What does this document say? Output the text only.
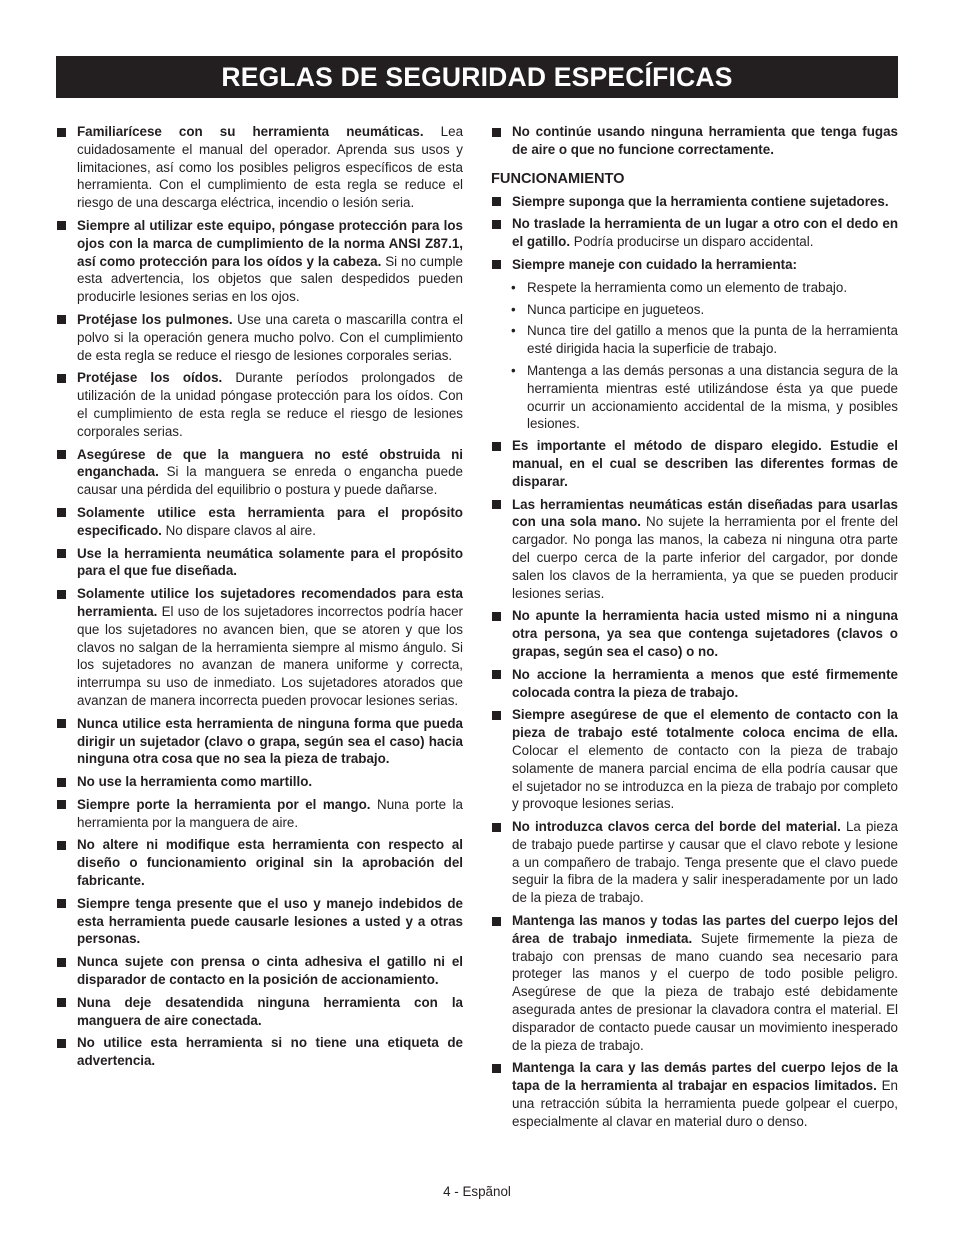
REGLAS DE SEGURIDAD ESPECÍFICAS
Familiarícese con su herramienta neumáticas. Lea cuidadosamente el manual del operador. Aprenda sus usos y limitaciones, así como los posibles peligros específicos de esta herramienta. Con el cumplimiento de esta regla se reduce el riesgo de una descarga eléctrica, incendio o lesión seria.
Siempre al utilizar este equipo, póngase protección para los ojos con la marca de cumplimiento de la norma ANSI Z87.1, así como protección para los oídos y la cabeza. Si no cumple esta advertencia, los objetos que salen despedidos pueden producirle lesiones serias en los ojos.
Protéjase los pulmones. Use una careta o mascarilla contra el polvo si la operación genera mucho polvo. Con el cumplimiento de esta regla se reduce el riesgo de lesiones corporales serias.
Protéjase los oídos. Durante períodos prolongados de utilización de la unidad póngase protección para los oídos. Con el cumplimiento de esta regla se reduce el riesgo de lesiones corporales serias.
Asegúrese de que la manguera no esté obstruida ni enganchada. Si la manguera se enreda o engancha puede causar una pérdida del equilibrio o postura y puede dañarse.
Solamente utilice esta herramienta para el propósito especificado. No dispare clavos al aire.
Use la herramienta neumática solamente para el propósito para el que fue diseñada.
Solamente utilice los sujetadores recomendados para esta herramienta. El uso de los sujetadores incorrectos podría hacer que los sujetadores no avancen bien, que se atoren y que los clavos no salgan de la herramienta siempre al mismo ángulo. Si los sujetadores no avanzan de manera uniforme y correcta, interrumpa su uso de inmediato. Los sujetadores atorados que avanzan de manera incorrecta pueden provocar lesiones serias.
Nunca utilice esta herramienta de ninguna forma que pueda dirigir un sujetador (clavo o grapa, según sea el caso) hacia ninguna otra cosa que no sea la pieza de trabajo.
No use la herramienta como martillo.
Siempre porte la herramienta por el mango. Nuna porte la herramienta por la manguera de aire.
No altere ni modifique esta herramienta con respecto al diseño o funcionamiento original sin la aprobación del fabricante.
Siempre tenga presente que el uso y manejo indebidos de esta herramienta puede causarle lesiones a usted y a otras personas.
Nunca sujete con prensa o cinta adhesiva el gatillo ni el disparador de contacto en la posición de accionamiento.
Nuna deje desatendida ninguna herramienta con la manguera de aire conectada.
No utilice esta herramienta si no tiene una etiqueta de advertencia.
No continúe usando ninguna herramienta que tenga fugas de aire o que no funcione correctamente.
FUNCIONAMIENTO
Siempre suponga que la herramienta contiene sujetadores.
No traslade la herramienta de un lugar a otro con el dedo en el gatillo. Podría producirse un disparo accidental.
Siempre maneje con cuidado la herramienta:
• Respete la herramienta como un elemento de trabajo.
• Nunca participe en jugueteos.
• Nunca tire del gatillo a menos que la punta de la herramienta esté dirigida hacia la superficie de trabajo.
• Mantenga a las demás personas a una distancia segura de la herramienta mientras esté utilizándose ésta ya que puede ocurrir un accionamiento accidental de la misma, y posibles lesiones.
Es importante el método de disparo elegido. Estudie el manual, en el cual se describen las diferentes formas de disparar.
Las herramientas neumáticas están diseñadas para usarlas con una sola mano. No sujete la herramienta por el frente del cargador. No ponga las manos, la cabeza ni ninguna otra parte del cuerpo cerca de la parte inferior del cargador, por donde salen los clavos de la herramienta, ya que se pueden producir lesiones serias.
No apunte la herramienta hacia usted mismo ni a ninguna otra persona, ya sea que contenga sujetadores (clavos o grapas, según sea el caso) o no.
No accione la herramienta a menos que esté firmemente colocada contra la pieza de trabajo.
Siempre asegúrese de que el elemento de contacto con la pieza de trabajo esté totalmente coloca encima de ella. Colocar el elemento de contacto con la pieza de trabajo solamente de manera parcial encima de ella podría causar que el sujetador no se introduzca en la pieza de trabajo por completo y provoque lesiones serias.
No introduzca clavos cerca del borde del material. La pieza de trabajo puede partirse y causar que el clavo rebote y lesione a un compañero de trabajo. Tenga presente que el clavo puede seguir la fibra de la madera y salir inesperadamente por un lado de la pieza de trabajo.
Mantenga las manos y todas las partes del cuerpo lejos del área de trabajo inmediata. Sujete firmemente la pieza de trabajo con prensas de mano cuando sea necesario para proteger las manos y el cuerpo de todo posible peligro. Asegúrese de que la pieza de trabajo esté debidamente asegurada antes de presionar la clavadora contra el material. El disparador de contacto puede causar un movimiento inesperado de la pieza de trabajo.
Mantenga la cara y las demás partes del cuerpo lejos de la tapa de la herramienta al trabajar en espacios limitados. En una retracción súbita la herramienta puede golpear el cuerpo, especialmente al clavar en material duro o denso.
4 - Espãnol
